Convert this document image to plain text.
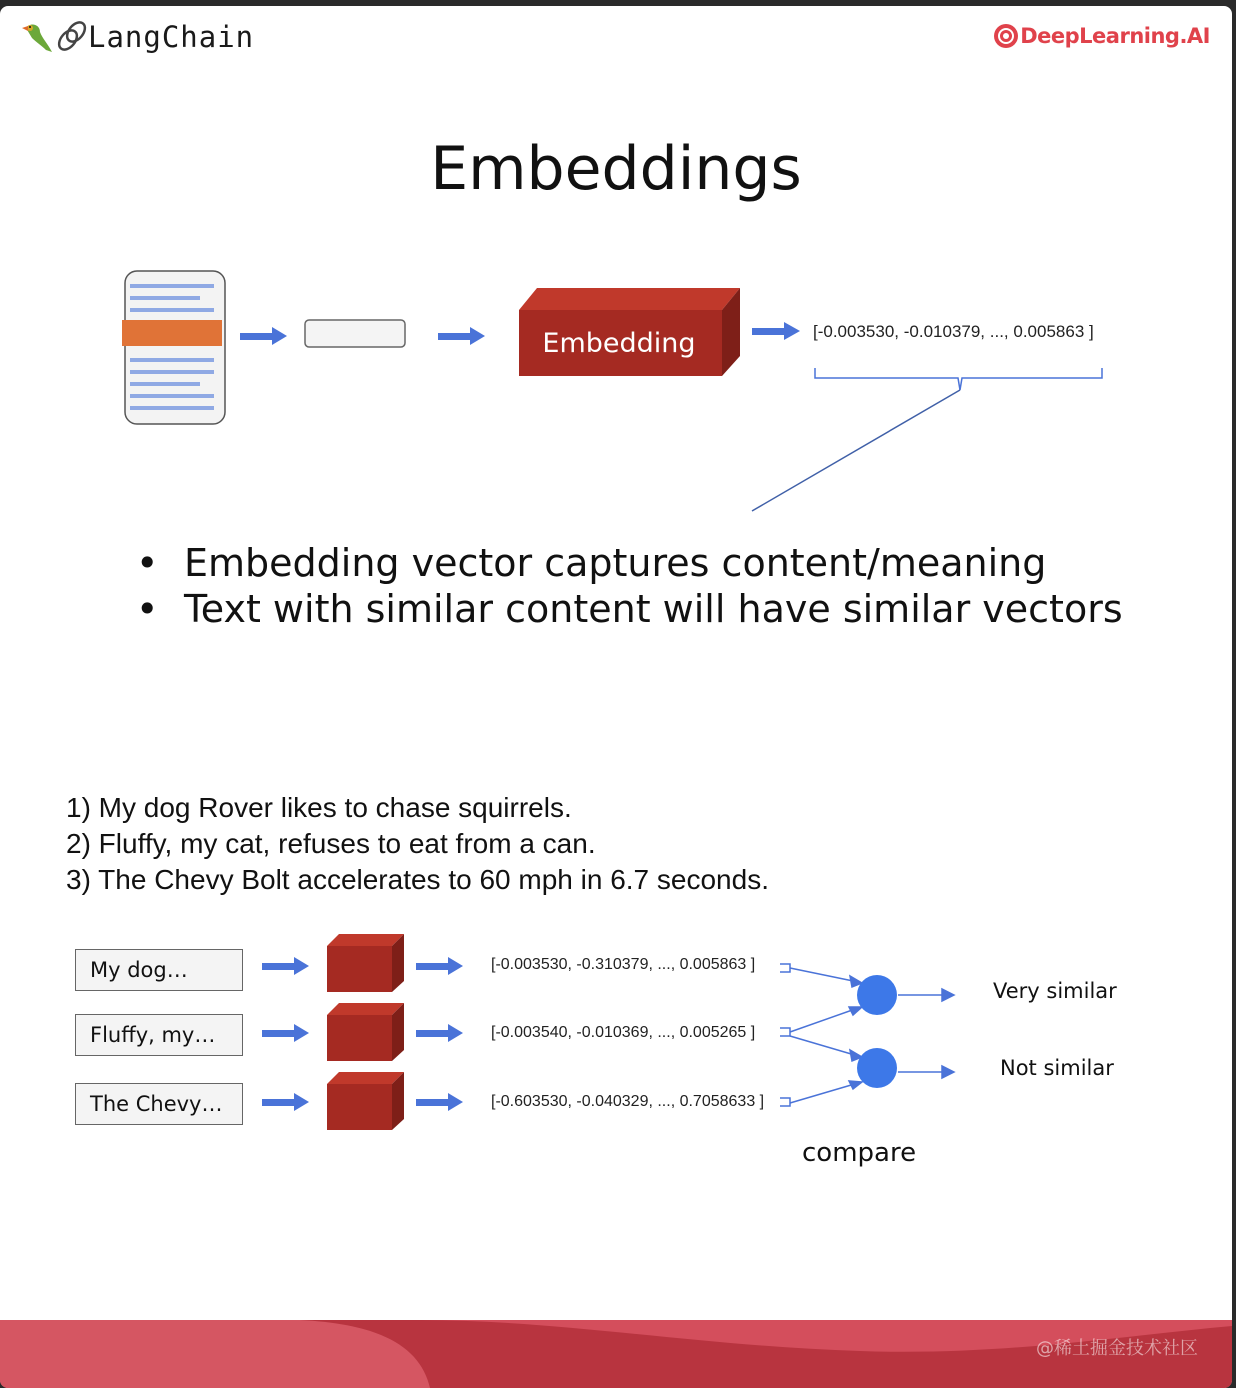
LangChain	DeepLearning.AI
Embeddings
Embedding	[-0.003530, -0.010379, ..., 0.005863 ]
• Embedding vector captures content/meaning
• Text with similar content will have similar vectors
1) My dog Rover likes to chase squirrels.
2) Fluffy, my cat, refuses to eat from a can.
3) The Chevy Bolt accelerates to 60 mph in 6.7 seconds.
My dog…
Fluffy, my…
The Chevy…
[-0.003530, -0.310379, ..., 0.005863 ]
[-0.003540, -0.010369, ..., 0.005265 ]
[-0.603530, -0.040329, ..., 0.7058633 ]
Very similar
Not similar
compare
@稀土掘金技术社区
